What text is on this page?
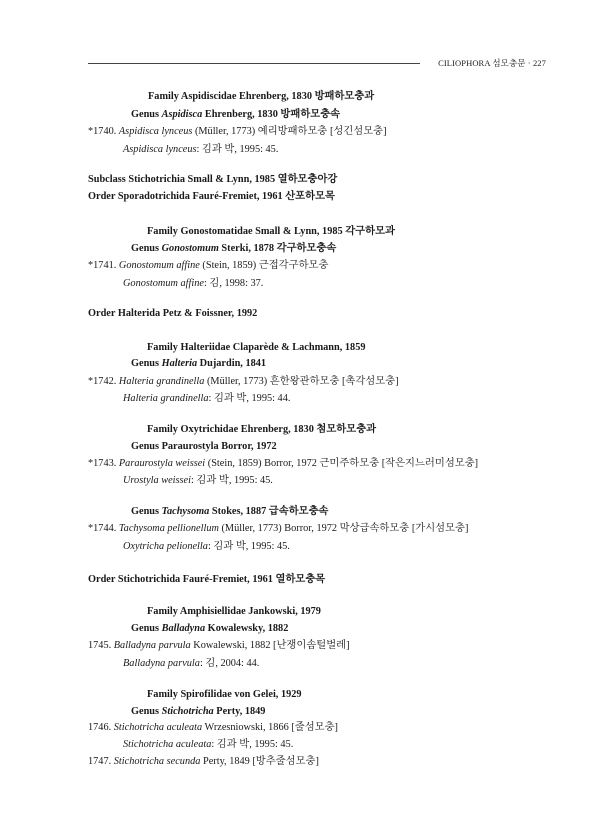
CILIOPHORA 섬모충문 · 227
Family Aspidiscidae Ehrenberg, 1830 방패하모충과
Genus Aspidisca Ehrenberg, 1830 방패하모충속
*1740. Aspidisca lynceus (Müller, 1773) 예리방패하모충 [성긴섬모충]
Aspidisca lynceus: 김과 박, 1995: 45.
Subclass Stichotrichia Small & Lynn, 1985 열하모충아강
Order Sporadotrichida Fauré-Fremiet, 1961 산포하모목
Family Gonostomatidae Small & Lynn, 1985 각구하모과
Genus Gonostomum Sterki, 1878 각구하모충속
*1741. Gonostomum affine (Stein, 1859) 근접각구하모충
Gonostomum affine: 김, 1998: 37.
Order Halterida Petz & Foissner, 1992
Family Halteriidae Claparède & Lachmann, 1859
Genus Halteria Dujardin, 1841
*1742. Halteria grandinella (Müller, 1773) 흔한왕관하모충 [촉각섬모충]
Halteria grandinella: 김과 박, 1995: 44.
Family Oxytrichidae Ehrenberg, 1830 첨모하모충과
Genus Paraurostyla Borror, 1972
*1743. Paraurostyla weissei (Stein, 1859) Borror, 1972 근미주하모충 [작은지느러미섬모충]
Urostyla weissei: 김과 박, 1995: 45.
Genus Tachysoma Stokes, 1887 급속하모충속
*1744. Tachysoma pellionellum (Müller, 1773) Borror, 1972 막상급속하모충 [가시섬모충]
Oxytricha pelionella: 김과 박, 1995: 45.
Order Stichotrichida Fauré-Fremiet, 1961 열하모충목
Family Amphisiellidae Jankowski, 1979
Genus Balladyna Kowalewsky, 1882
1745. Balladyna parvula Kowalewski, 1882 [난쟁이솜털벌레]
Balladyna parvula: 김, 2004: 44.
Family Spirofilidae von Gelei, 1929
Genus Stichotricha Perty, 1849
1746. Stichotricha aculeata Wrzesniowski, 1866 [줄섬모충]
Stichotricha aculeata: 김과 박, 1995: 45.
1747. Stichotricha secunda Perty, 1849 [방추줄섬모충]
